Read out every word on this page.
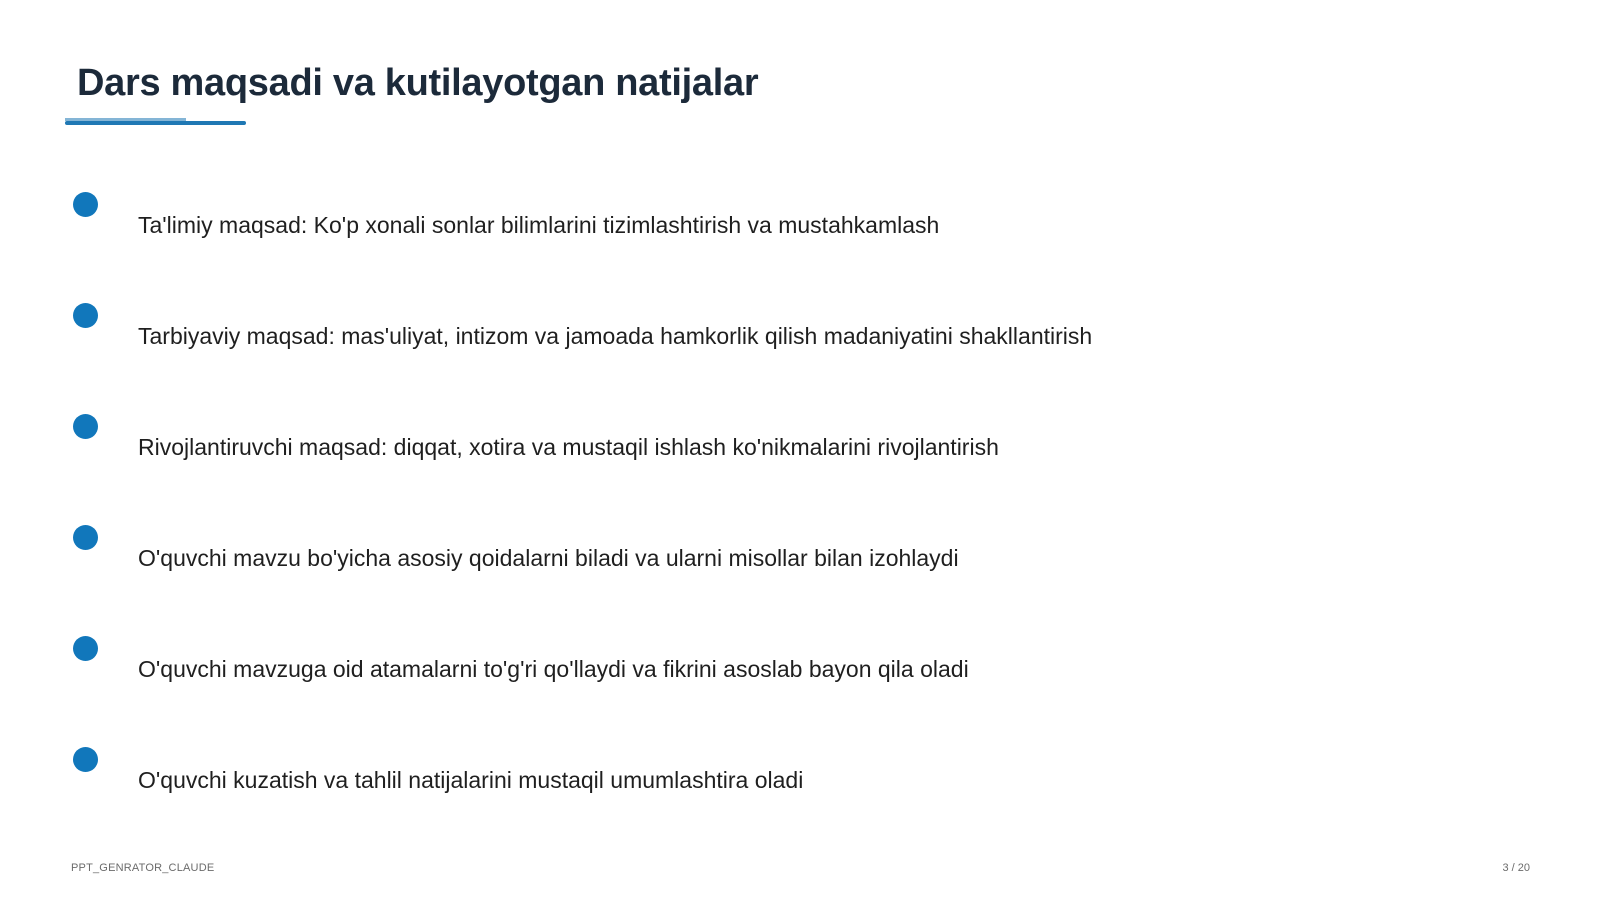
Dars maqsadi va kutilayotgan natijalar
Ta'limiy maqsad: Ko'p xonali sonlar bilimlarini tizimlashtirish va mustahkamlash
Tarbiyaviy maqsad: mas'uliyat, intizom va jamoada hamkorlik qilish madaniyatini shakllantirish
Rivojlantiruvchi maqsad: diqqat, xotira va mustaqil ishlash ko'nikmalarini rivojlantirish
O'quvchi mavzu bo'yicha asosiy qoidalarni biladi va ularni misollar bilan izohlaydi
O'quvchi mavzuga oid atamalarni to'g'ri qo'llaydi va fikrini asoslab bayon qila oladi
O'quvchi kuzatish va tahlil natijalarini mustaqil umumlashtira oladi
PPT_GENRATOR_CLAUDE	3 / 20
